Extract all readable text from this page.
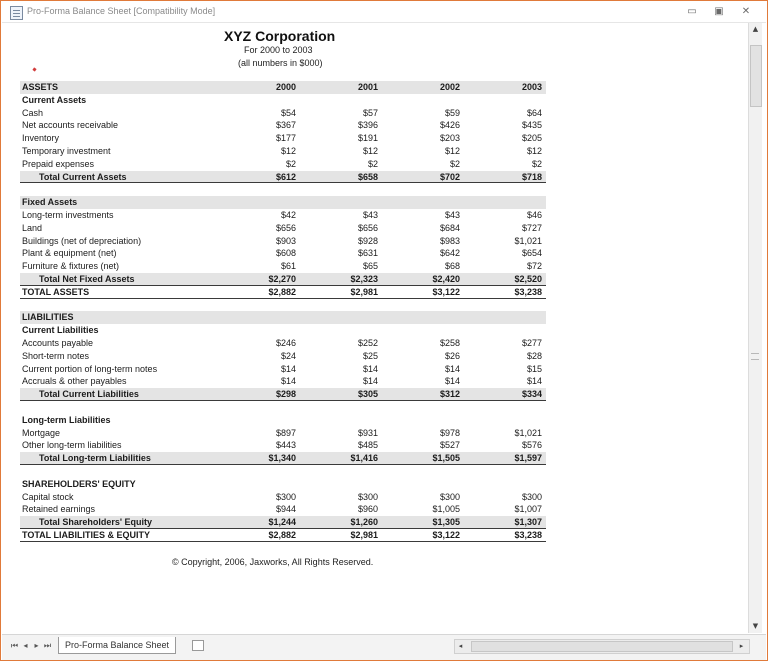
Pro-Forma Balance Sheet [Compatibility Mode]	▭ ▣ ✕
XYZ Corporation
For 2000 to 2003
(all numbers in $000)
ASSETS	2000	2001	2002	2003
Current Assets
Cash	$54	$57	$59	$64
Net accounts receivable	$367	$396	$426	$435
Inventory	$177	$191	$203	$205
Temporary investment	$12	$12	$12	$12
Prepaid expenses	$2	$2	$2	$2
Total Current Assets	$612	$658	$702	$718
Fixed Assets
Long-term investments	$42	$43	$43	$46
Land	$656	$656	$684	$727
Buildings (net of depreciation)	$903	$928	$983	$1,021
Plant & equipment (net)	$608	$631	$642	$654
Furniture & fixtures (net)	$61	$65	$68	$72
Total Net Fixed Assets	$2,270	$2,323	$2,420	$2,520
TOTAL ASSETS	$2,882	$2,981	$3,122	$3,238
LIABILITIES
Current Liabilities
Accounts payable	$246	$252	$258	$277
Short-term notes	$24	$25	$26	$28
Current portion of long-term notes	$14	$14	$14	$15
Accruals & other payables	$14	$14	$14	$14
Total Current Liabilities	$298	$305	$312	$334
Long-term Liabilities
Mortgage	$897	$931	$978	$1,021
Other long-term liabilities	$443	$485	$527	$576
Total Long-term Liabilities	$1,340	$1,416	$1,505	$1,597
SHAREHOLDERS' EQUITY
Capital stock	$300	$300	$300	$300
Retained earnings	$944	$960	$1,005	$1,007
Total Shareholders' Equity	$1,244	$1,260	$1,305	$1,307
TOTAL LIABILITIES & EQUITY	$2,882	$2,981	$3,122	$3,238
© Copyright, 2006, Jaxworks, All Rights Reserved.
▲
▼
⏮ ◂ ▸ ⏭	Pro-Forma Balance Sheet	◂	▸
